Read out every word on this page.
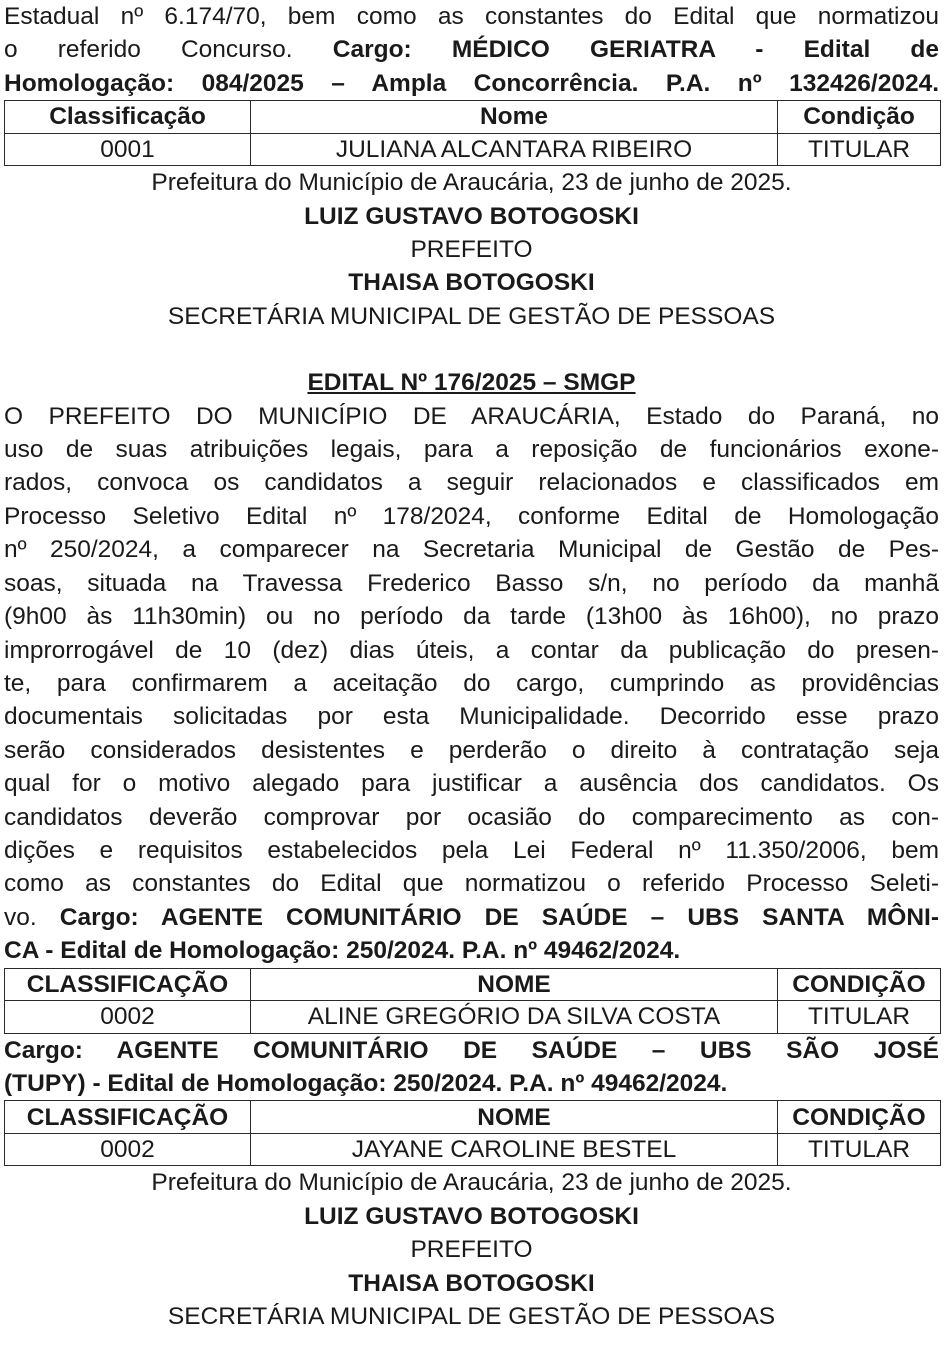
Estadual nº 6.174/70, bem como as constantes do Edital que normatizou

o referido Concurso. Cargo: MÉDICO GERIATRA - Edital de

Homologação: 084/2025 – Ampla Concorrência. P.A. nº 132426/2024.

Classificação	Nome	Condição
0001	JULIANA ALCANTARA RIBEIRO	TITULAR

Prefeitura do Município de Araucária, 23 de junho de 2025.

LUIZ GUSTAVO BOTOGOSKI

PREFEITO

THAISA BOTOGOSKI

SECRETÁRIA MUNICIPAL DE GESTÃO DE PESSOAS

EDITAL Nº 176/2025 – SMGP

O PREFEITO DO MUNICÍPIO DE ARAUCÁRIA, Estado do Paraná, no

uso de suas atribuições legais, para a reposição de funcionários exone-

rados, convoca os candidatos a seguir relacionados e classificados em

Processo Seletivo Edital nº 178/2024, conforme Edital de Homologação

nº 250/2024, a comparecer na Secretaria Municipal de Gestão de Pes-

soas, situada na Travessa Frederico Basso s/n, no período da manhã

(9h00 às 11h30min) ou no período da tarde (13h00 às 16h00), no prazo

improrrogável de 10 (dez) dias úteis, a contar da publicação do presen-

te, para confirmarem a aceitação do cargo, cumprindo as providências

documentais solicitadas por esta Municipalidade. Decorrido esse prazo

serão considerados desistentes e perderão o direito à contratação seja

qual for o motivo alegado para justificar a ausência dos candidatos. Os

candidatos deverão comprovar por ocasião do comparecimento as con-

dições e requisitos estabelecidos pela Lei Federal nº 11.350/2006, bem

como as constantes do Edital que normatizou o referido Processo Seleti-

vo. Cargo: AGENTE COMUNITÁRIO DE SAÚDE – UBS SANTA MÔNI-

CA - Edital de Homologação: 250/2024. P.A. nº 49462/2024.

CLASSIFICAÇÃO	NOME	CONDIÇÃO
0002	ALINE GREGÓRIO DA SILVA COSTA	TITULAR

Cargo: AGENTE COMUNITÁRIO DE SAÚDE – UBS SÃO JOSÉ

(TUPY) - Edital de Homologação: 250/2024. P.A. nº 49462/2024.

CLASSIFICAÇÃO	NOME	CONDIÇÃO
0002	JAYANE CAROLINE BESTEL	TITULAR

Prefeitura do Município de Araucária, 23 de junho de 2025.

LUIZ GUSTAVO BOTOGOSKI

PREFEITO

THAISA BOTOGOSKI

SECRETÁRIA MUNICIPAL DE GESTÃO DE PESSOAS
